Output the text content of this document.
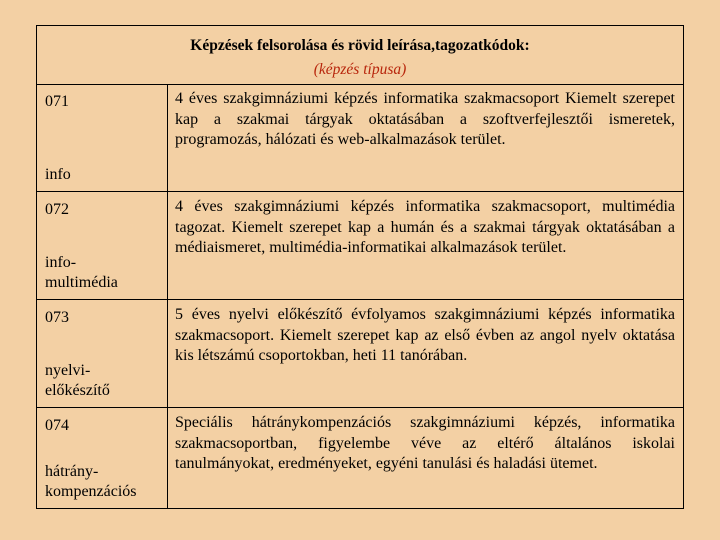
Képzések felsorolása és rövid leírása,tagozatkódok:
(képzés típusa)
071
info
4 éves szakgimnáziumi képzés informatika szakmacsoport Kiemelt szerepet kap a szakmai tárgyak oktatásában a szoftverfejlesztői ismeretek, programozás, hálózati és web-alkalmazások terület.
072
info-multimédia
4 éves szakgimnáziumi képzés informatika szakmacsoport, multimédia tagozat. Kiemelt szerepet kap a humán és a szakmai tárgyak oktatásában a médiaismeret, multimédia-informatikai alkalmazások terület.
073
nyelvi-előkészítő
5 éves nyelvi előkészítő évfolyamos szakgimnáziumi képzés informatika szakmacsoport. Kiemelt szerepet kap az első évben az angol nyelv oktatása kis létszámú csoportokban, heti 11 tanórában.
074
hátrány-kompenzációs
Speciális hátránykompenzációs szakgimnáziumi képzés, informatika szakmacsoportban, figyelembe véve az eltérő általános iskolai tanulmányokat, eredményeket, egyéni tanulási és haladási ütemet.
